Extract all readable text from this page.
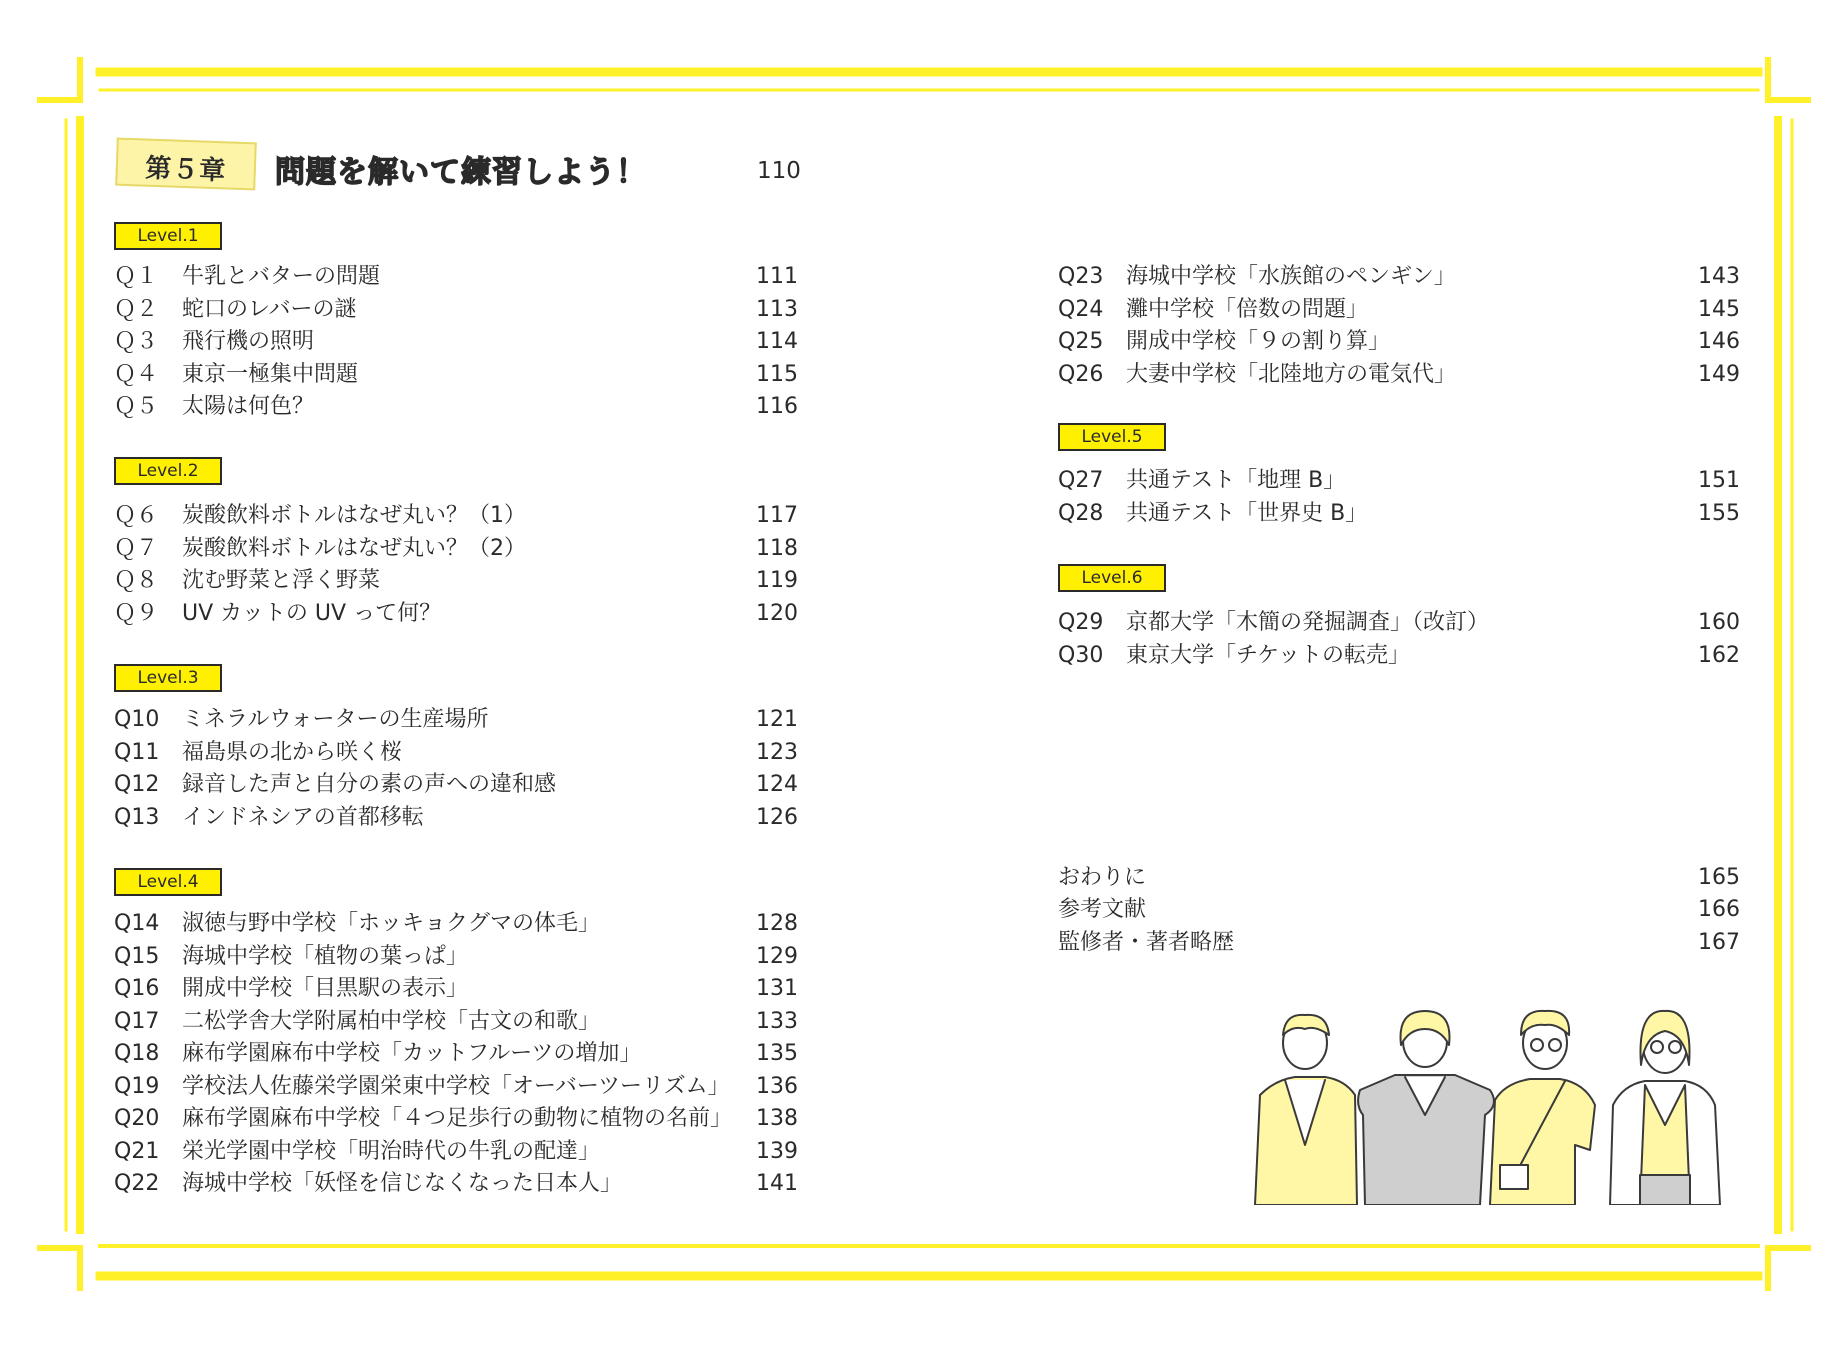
第５章	問題を解いて練習しよう！	110
Level.1
Level.2
Level.3
Level.4
Level.5
Level.6
Ｑ１	牛乳とバターの問題	111
Ｑ２	蛇口のレバーの謎	113
Ｑ３	飛行機の照明	114
Ｑ４	東京一極集中問題	115
Ｑ５	太陽は何色？	116
Ｑ６	炭酸飲料ボトルはなぜ丸い？（1）	117
Ｑ７	炭酸飲料ボトルはなぜ丸い？（2）	118
Ｑ８	沈む野菜と浮く野菜	119
Ｑ９	UV カットの UV って何？	120
Q10	ミネラルウォーターの生産場所	121
Q11	福島県の北から咲く桜	123
Q12	録音した声と自分の素の声への違和感	124
Q13	インドネシアの首都移転	126
Q14	淑徳与野中学校「ホッキョクグマの体毛」	128
Q15	海城中学校「植物の葉っぱ」	129
Q16	開成中学校「目黒駅の表示」	131
Q17	二松学舎大学附属柏中学校「古文の和歌」	133
Q18	麻布学園麻布中学校「カットフルーツの増加」	135
Q19	学校法人佐藤栄学園栄東中学校「オーバーツーリズム」 136
Q20	麻布学園麻布中学校「４つ足歩行の動物に植物の名前」 138
Q21	栄光学園中学校「明治時代の牛乳の配達」	139
Q22	海城中学校「妖怪を信じなくなった日本人」	141
Q23	海城中学校「水族館のペンギン」	143
Q24	灘中学校「倍数の問題」	145
Q25	開成中学校「９の割り算」	146
Q26	大妻中学校「北陸地方の電気代」	149
Q27	共通テスト「地理 B」	151
Q28	共通テスト「世界史 B」	155
Q29	京都大学「木簡の発掘調査」（改訂）	160
Q30	東京大学「チケットの転売」	162
おわりに	165
参考文献	166
監修者・著者略歴	167
